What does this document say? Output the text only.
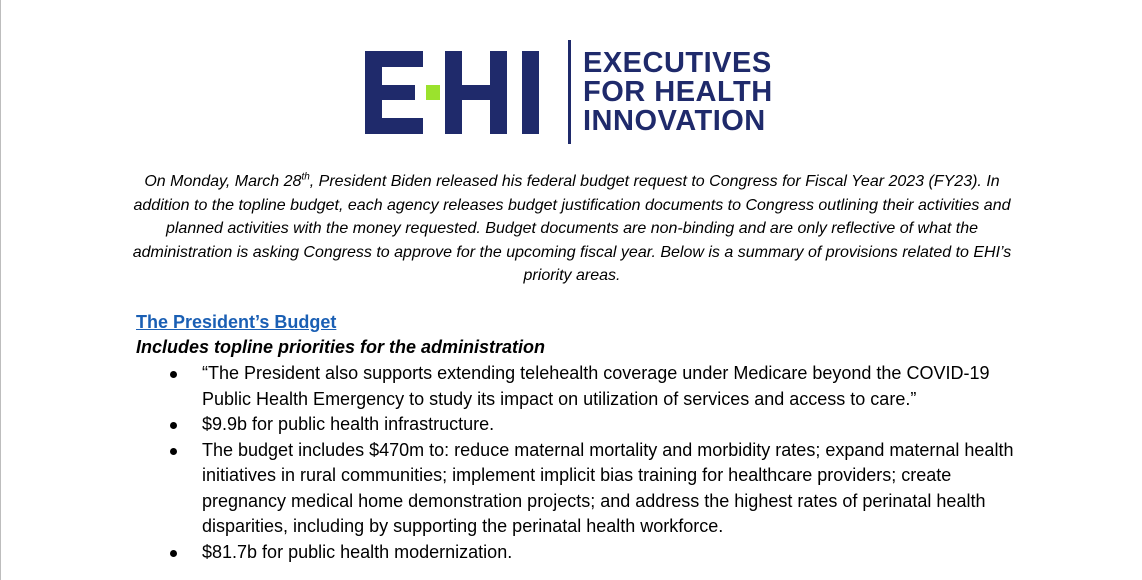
EXECUTIVES
FOR HEALTH
INNOVATION

On Monday, March 28th, President Biden released his federal budget request to Congress for Fiscal Year 2023 (FY23). In addition to the topline budget, each agency releases budget justification documents to Congress outlining their activities and planned activities with the money requested. Budget documents are non-binding and are only reflective of what the administration is asking Congress to approve for the upcoming fiscal year. Below is a summary of provisions related to EHI’s priority areas.

The President’s Budget
Includes topline priorities for the administration
“The President also supports extending telehealth coverage under Medicare beyond the COVID-19 Public Health Emergency to study its impact on utilization of services and access to care.”
$9.9b for public health infrastructure.
The budget includes $470m to: reduce maternal mortality and morbidity rates; expand maternal health initiatives in rural communities; implement implicit bias training for healthcare providers; create pregnancy medical home demonstration projects; and address the highest rates of perinatal health disparities, including by supporting the perinatal health workforce.
$81.7b for public health modernization.
